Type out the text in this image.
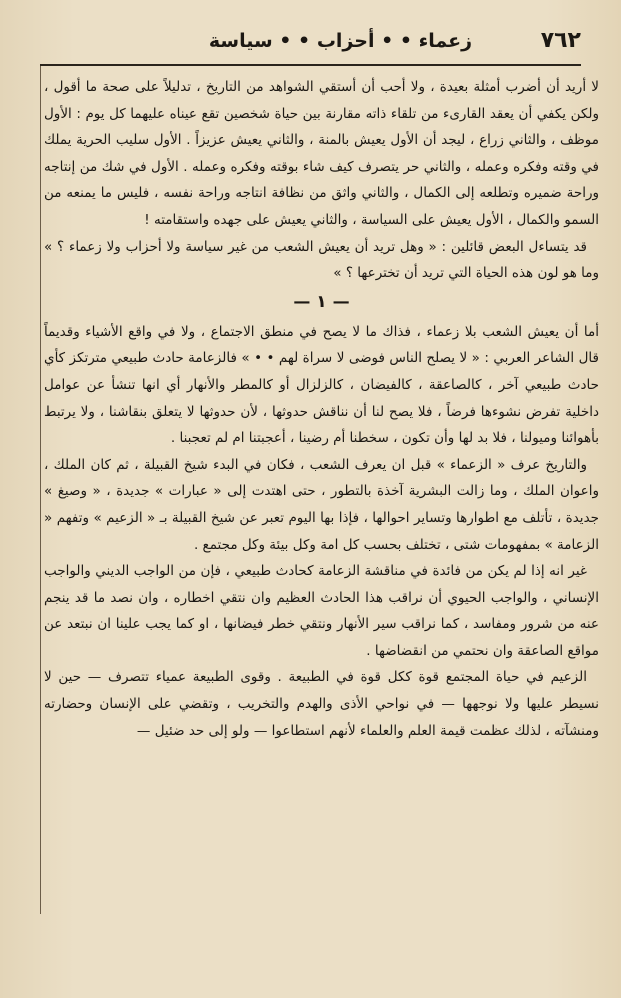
٧٦٢
زعماء • • أحزاب • • سياسة

لا أريد أن أضرب أمثلة بعيدة ، ولا أحب أن أستقي الشواهد من التاريخ ، تدليلاً على صحة ما أقول ، ولكن يكفي أن يعقد القارىء من تلقاء ذاته مقارنة بين حياة شخصين تقع عيناه عليهما كل يوم : الأول موظف ، والثاني زراع ، ليجد أن الأول يعيش بالمنة ، والثاني يعيش عزيزاً . الأول سليب الحرية يملك في وقته وفكره وعمله ، والثاني حر يتصرف كيف شاء بوقته وفكره وعمله . الأول في شك من إنتاجه وراحة ضميره وتطلعه إلى الكمال ، والثاني واثق من نظافة انتاجه وراحة نفسه ، فليس ما يمنعه من السمو والكمال ، الأول يعيش على السياسة ، والثاني يعيش على جهده واستقامته !

قد يتساءل البعض قائلين : « وهل تريد أن يعيش الشعب من غير سياسة ولا أحزاب ولا زعماء ؟ » وما هو لون هذه الحياة التي تريد أن تخترعها ؟ »

— ١ —

أما أن يعيش الشعب بلا زعماء ، فذاك ما لا يصح في منطق الاجتماع ، ولا في واقع الأشياء وقديماً قال الشاعر العربي : « لا يصلح الناس فوضى لا سراة لهم • • » فالزعامة حادث طبيعي مترتكز كأي حادث طبيعي آخر ، كالصاعقة ، كالفيضان ، كالزلزال أو كالمطر والأنهار أي انها تنشأ عن عوامل داخلية تفرض نشوءها فرضاً ، فلا يصح لنا أن نناقش حدوثها ، لأن حدوثها لا يتعلق بنقاشنا ، ولا يرتبط بأهوائنا وميولنا ، فلا بد لها وأن تكون ، سخطنا أم رضينا ، أعجبتنا ام لم تعجبنا .

والتاريخ عرف « الزعماء » قبل ان يعرف الشعب ، فكان في البدء شيخ القبيلة ، ثم كان الملك ، واعوان الملك ، وما زالت البشرية آخذة بالتطور ، حتى اهتدت إلى « عبارات » جديدة ، « وصيغ » جديدة ، تأتلف مع اطوارها وتساير احوالها ، فإذا بها اليوم تعبر عن شيخ القبيلة بـ « الزعيم » وتفهم « الزعامة » بمفهومات شتى ، تختلف بحسب كل امة وكل بيئة وكل مجتمع .

غير انه إذا لم يكن من فائدة في مناقشة الزعامة كحادث طبيعي ، فإن من الواجب الديني والواجب الإنساني ، والواجب الحيوي أن نراقب هذا الحادث العظيم وان نتقي اخطاره ، وان نصد ما قد ينجم عنه من شرور ومفاسد ، كما نراقب سير الأنهار ونتقي خطر فيضانها ، او كما يجب علينا ان نبتعد عن مواقع الصاعقة وان نحتمي من انقضاضها .

الزعيم في حياة المجتمع قوة ككل قوة في الطبيعة . وقوى الطبيعة عمياء تتصرف — حين لا نسيطر عليها ولا نوجهها — في نواحي الأذى والهدم والتخريب ، وتقضي على الإنسان وحضارته ومنشآته ، لذلك عظمت قيمة العلم والعلماء لأنهم استطاعوا — ولو إلى حد ضئيل —
